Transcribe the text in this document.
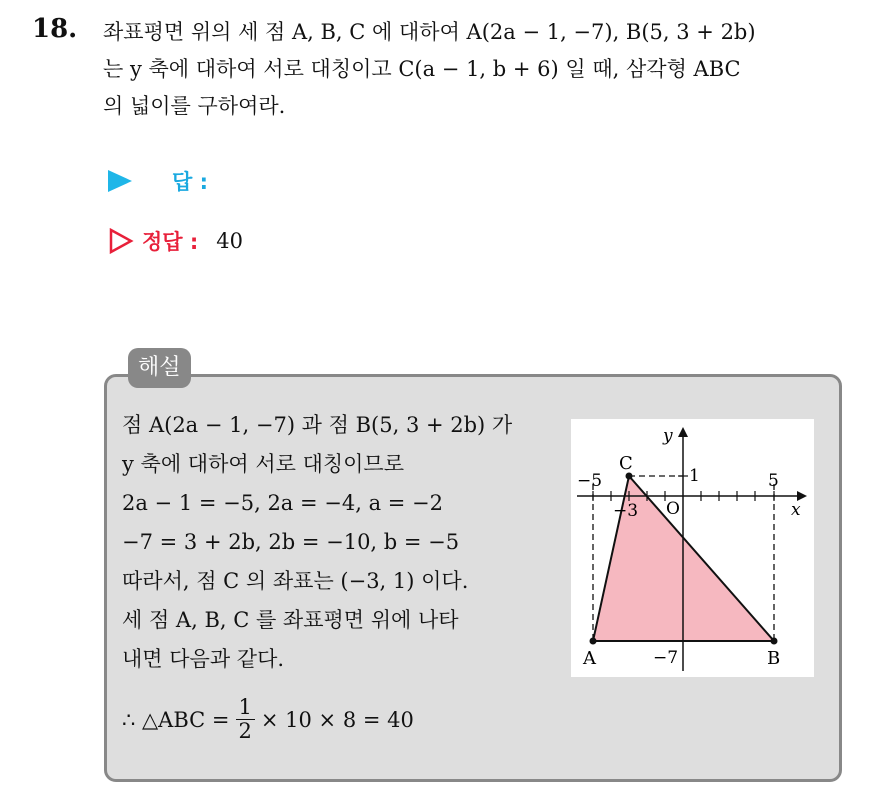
18. 좌표평면 위의 세 점 A, B, C 에 대하여 A(2a − 1, −7), B(5, 3 + 2b)
는 y 축에 대하여 서로 대칭이고 C(a − 1, b + 6) 일 때, 삼각형 ABC
의 넓이를 구하여라.
답 :
정답 : 40
해설
점 A(2a − 1, −7) 과 점 B(5, 3 + 2b) 가
y 축에 대하여 서로 대칭이므로
2a − 1 = −5, 2a = −4, a = −2
−7 = 3 + 2b, 2b = −10, b = −5
따라서, 점 C 의 좌표는 (−3, 1) 이다.
세 점 A, B, C 를 좌표평면 위에 나타
내면 다음과 같다.
∴ △ABC = $\frac{1}{2} \times 10 \times 8 = 40$
A	B
C
O	x
y
−5
−3
1	5
−7
